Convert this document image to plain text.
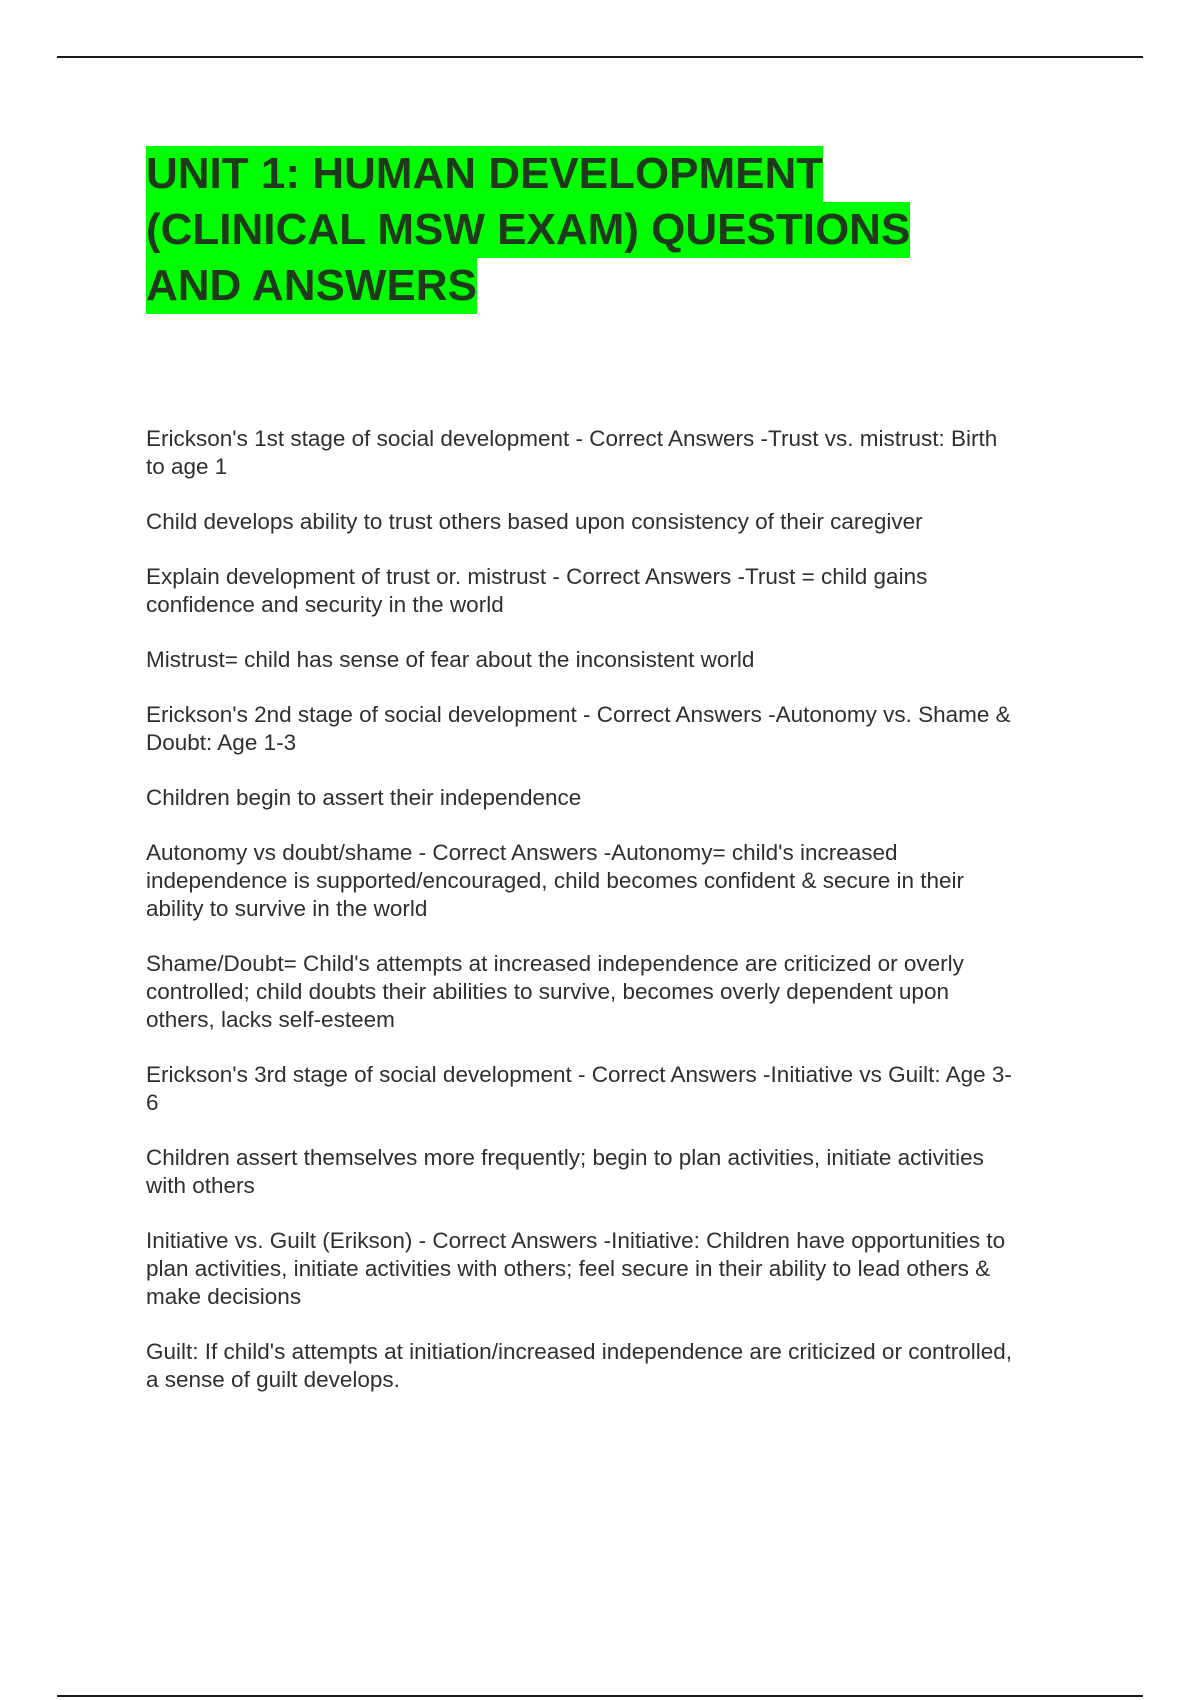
UNIT 1: HUMAN DEVELOPMENT
(CLINICAL MSW EXAM) QUESTIONS
AND ANSWERS

Erickson's 1st stage of social development - Correct Answers -Trust vs. mistrust: Birth
to age 1

Child develops ability to trust others based upon consistency of their caregiver

Explain development of trust or. mistrust - Correct Answers -Trust = child gains
confidence and security in the world

Mistrust= child has sense of fear about the inconsistent world

Erickson's 2nd stage of social development - Correct Answers -Autonomy vs. Shame &
Doubt: Age 1-3

Children begin to assert their independence

Autonomy vs doubt/shame - Correct Answers -Autonomy= child's increased
independence is supported/encouraged, child becomes confident & secure in their
ability to survive in the world

Shame/Doubt= Child's attempts at increased independence are criticized or overly
controlled; child doubts their abilities to survive, becomes overly dependent upon
others, lacks self-esteem

Erickson's 3rd stage of social development - Correct Answers -Initiative vs Guilt: Age 3-
6

Children assert themselves more frequently; begin to plan activities, initiate activities
with others

Initiative vs. Guilt (Erikson) - Correct Answers -Initiative: Children have opportunities to
plan activities, initiate activities with others; feel secure in their ability to lead others &
make decisions

Guilt: If child's attempts at initiation/increased independence are criticized or controlled,
a sense of guilt develops.
